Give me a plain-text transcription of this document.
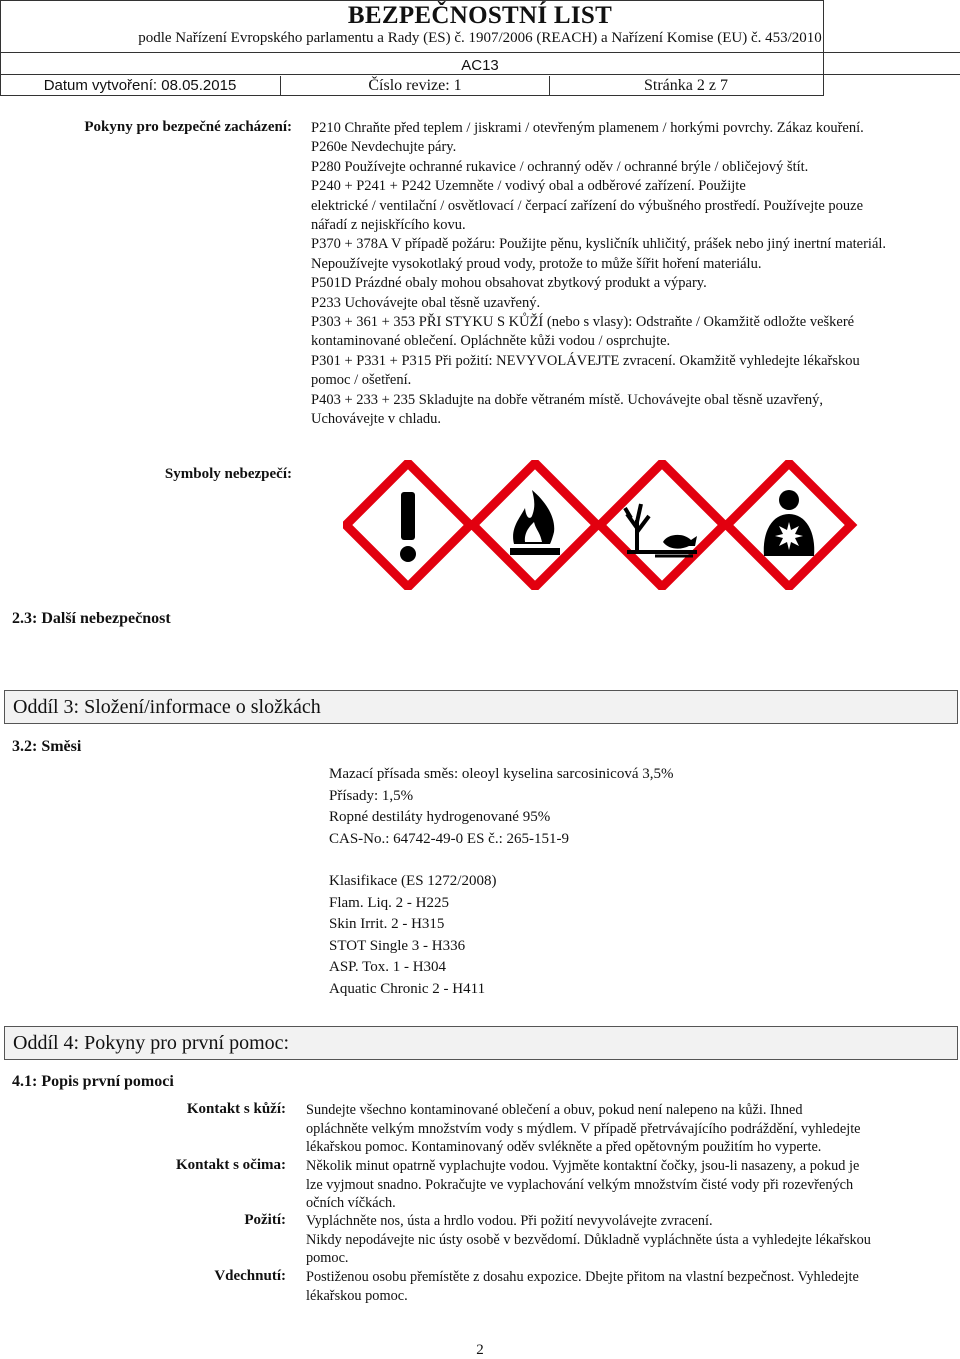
BEZPEČNOSTNÍ LIST
podle Nařízení Evropského parlamentu a Rady (ES) č. 1907/2006 (REACH) a Nařízení Komise (EU) č. 453/2010
AC13
Datum vytvoření: 08.05.2015	Číslo revize: 1	Stránka 2 z 7
Pokyny pro bezpečné zacházení: P210 Chraňte před teplem / jiskrami / otevřeným plamenem / horkými povrchy. Zákaz kouření.
P260e Nevdechujte páry.
P280 Používejte ochranné rukavice / ochranný oděv / ochranné brýle / obličejový štít.
P240 + P241 + P242 Uzemněte / vodivý obal a odběrové zařízení. Použijte
elektrické / ventilační / osvětlovací / čerpací zařízení do výbušného prostředí. Používejte pouze
nářadí z nejiskřícího kovu.
P370 + 378A V případě požáru: Použijte pěnu, kysličník uhličitý, prášek nebo jiný inertní materiál.
Nepoužívejte vysokotlaký proud vody, protože to může šířit hoření materiálu.
P501D Prázdné obaly mohou obsahovat zbytkový produkt a výpary.
P233 Uchovávejte obal těsně uzavřený.
P303 + 361 + 353 PŘI STYKU S KŮŽÍ (nebo s vlasy): Odstraňte / Okamžitě odložte veškeré
kontaminované oblečení. Opláchněte kůži vodou / osprchujte.
P301 + P331 + P315 Při požití: NEVYVOLÁVEJTE zvracení. Okamžitě vyhledejte lékařskou
pomoc / ošetření.
P403 + 233 + 235 Skladujte na dobře větraném místě. Uchovávejte obal těsně uzavřený,
Uchovávejte v chladu.
Symboly nebezpečí:
2.3: Další nebezpečnost
Oddíl 3: Složení/informace o složkách
3.2: Směsi
Mazací přísada směs: oleoyl kyselina sarcosinicová 3,5%
Přísady: 1,5%
Ropné destiláty hydrogenované 95%
CAS-No.: 64742-49-0 ES č.: 265-151-9
Klasifikace (ES 1272/2008)
Flam. Liq. 2 - H225
Skin Irrit. 2 - H315
STOT Single 3 - H336
ASP. Tox. 1 - H304
Aquatic Chronic 2 - H411
Oddíl 4: Pokyny pro první pomoc:
4.1: Popis první pomoci
Kontakt s kůží: Sundejte všechno kontaminované oblečení a obuv, pokud není nalepeno na kůži. Ihned
opláchněte velkým množstvím vody s mýdlem. V případě přetrvávajícího podráždění, vyhledejte
lékařskou pomoc. Kontaminovaný oděv svlékněte a před opětovným použitím ho vyperte.
Kontakt s očima: Několik minut opatrně vyplachujte vodou. Vyjměte kontaktní čočky, jsou-li nasazeny, a pokud je
lze vyjmout snadno. Pokračujte ve vyplachování velkým množstvím čisté vody při rozevřených
očních víčkách.
Požití: Vypláchněte nos, ústa a hrdlo vodou. Při požití nevyvolávejte zvracení.
Nikdy nepodávejte nic ústy osobě v bezvědomí. Důkladně vypláchněte ústa a vyhledejte lékařskou
pomoc.
Vdechnutí: Postiženou osobu přemístěte z dosahu expozice. Dbejte přitom na vlastní bezpečnost. Vyhledejte
lékařskou pomoc.
2
